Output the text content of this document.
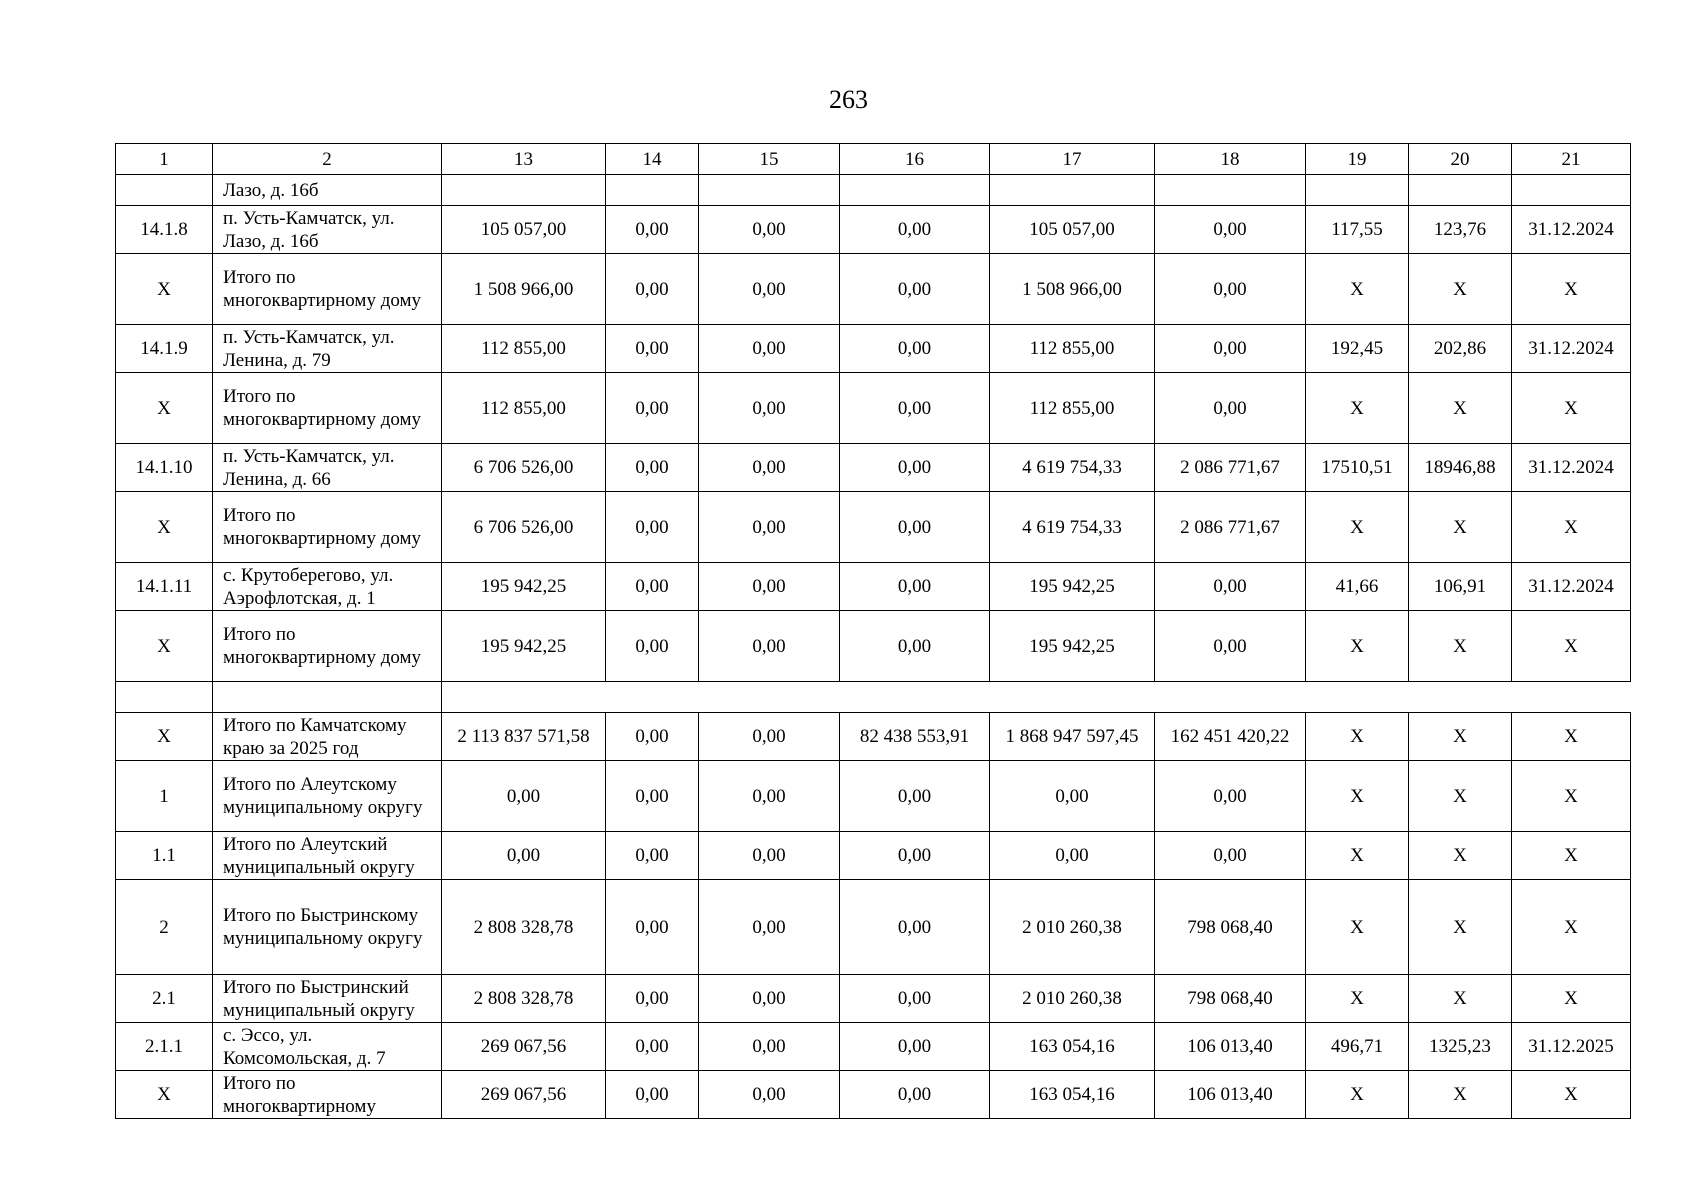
263
1	2	13	14	15	16	17	18	19	20	21
	Лазо, д. 16б									
14.1.8	п. Усть-Камчатск, ул. Лазо, д. 16б	105 057,00	0,00	0,00	0,00	105 057,00	0,00	117,55	123,76	31.12.2024
X	Итого по многоквартирному дому	1 508 966,00	0,00	0,00	0,00	1 508 966,00	0,00	X	X	X
14.1.9	п. Усть-Камчатск, ул. Ленина, д. 79	112 855,00	0,00	0,00	0,00	112 855,00	0,00	192,45	202,86	31.12.2024
X	Итого по многоквартирному дому	112 855,00	0,00	0,00	0,00	112 855,00	0,00	X	X	X
14.1.10	п. Усть-Камчатск, ул. Ленина, д. 66	6 706 526,00	0,00	0,00	0,00	4 619 754,33	2 086 771,67	17510,51	18946,88	31.12.2024
X	Итого по многоквартирному дому	6 706 526,00	0,00	0,00	0,00	4 619 754,33	2 086 771,67	X	X	X
14.1.11	с. Крутоберегово, ул. Аэрофлотская, д. 1	195 942,25	0,00	0,00	0,00	195 942,25	0,00	41,66	106,91	31.12.2024
X	Итого по многоквартирному дому	195 942,25	0,00	0,00	0,00	195 942,25	0,00	X	X	X

X	Итого по Камчатскому краю за 2025 год	2 113 837 571,58	0,00	0,00	82 438 553,91	1 868 947 597,45	162 451 420,22	X	X	X
1	Итого по Алеутскому муниципальному округу	0,00	0,00	0,00	0,00	0,00	0,00	X	X	X
1.1	Итого по Алеутский муниципальный округу	0,00	0,00	0,00	0,00	0,00	0,00	X	X	X
2	Итого по Быстринскому муниципальному округу	2 808 328,78	0,00	0,00	0,00	2 010 260,38	798 068,40	X	X	X
2.1	Итого по Быстринский муниципальный округу	2 808 328,78	0,00	0,00	0,00	2 010 260,38	798 068,40	X	X	X
2.1.1	с. Эссо, ул. Комсомольская, д. 7	269 067,56	0,00	0,00	0,00	163 054,16	106 013,40	496,71	1325,23	31.12.2025
X	Итого по многоквартирному	269 067,56	0,00	0,00	0,00	163 054,16	106 013,40	X	X	X
